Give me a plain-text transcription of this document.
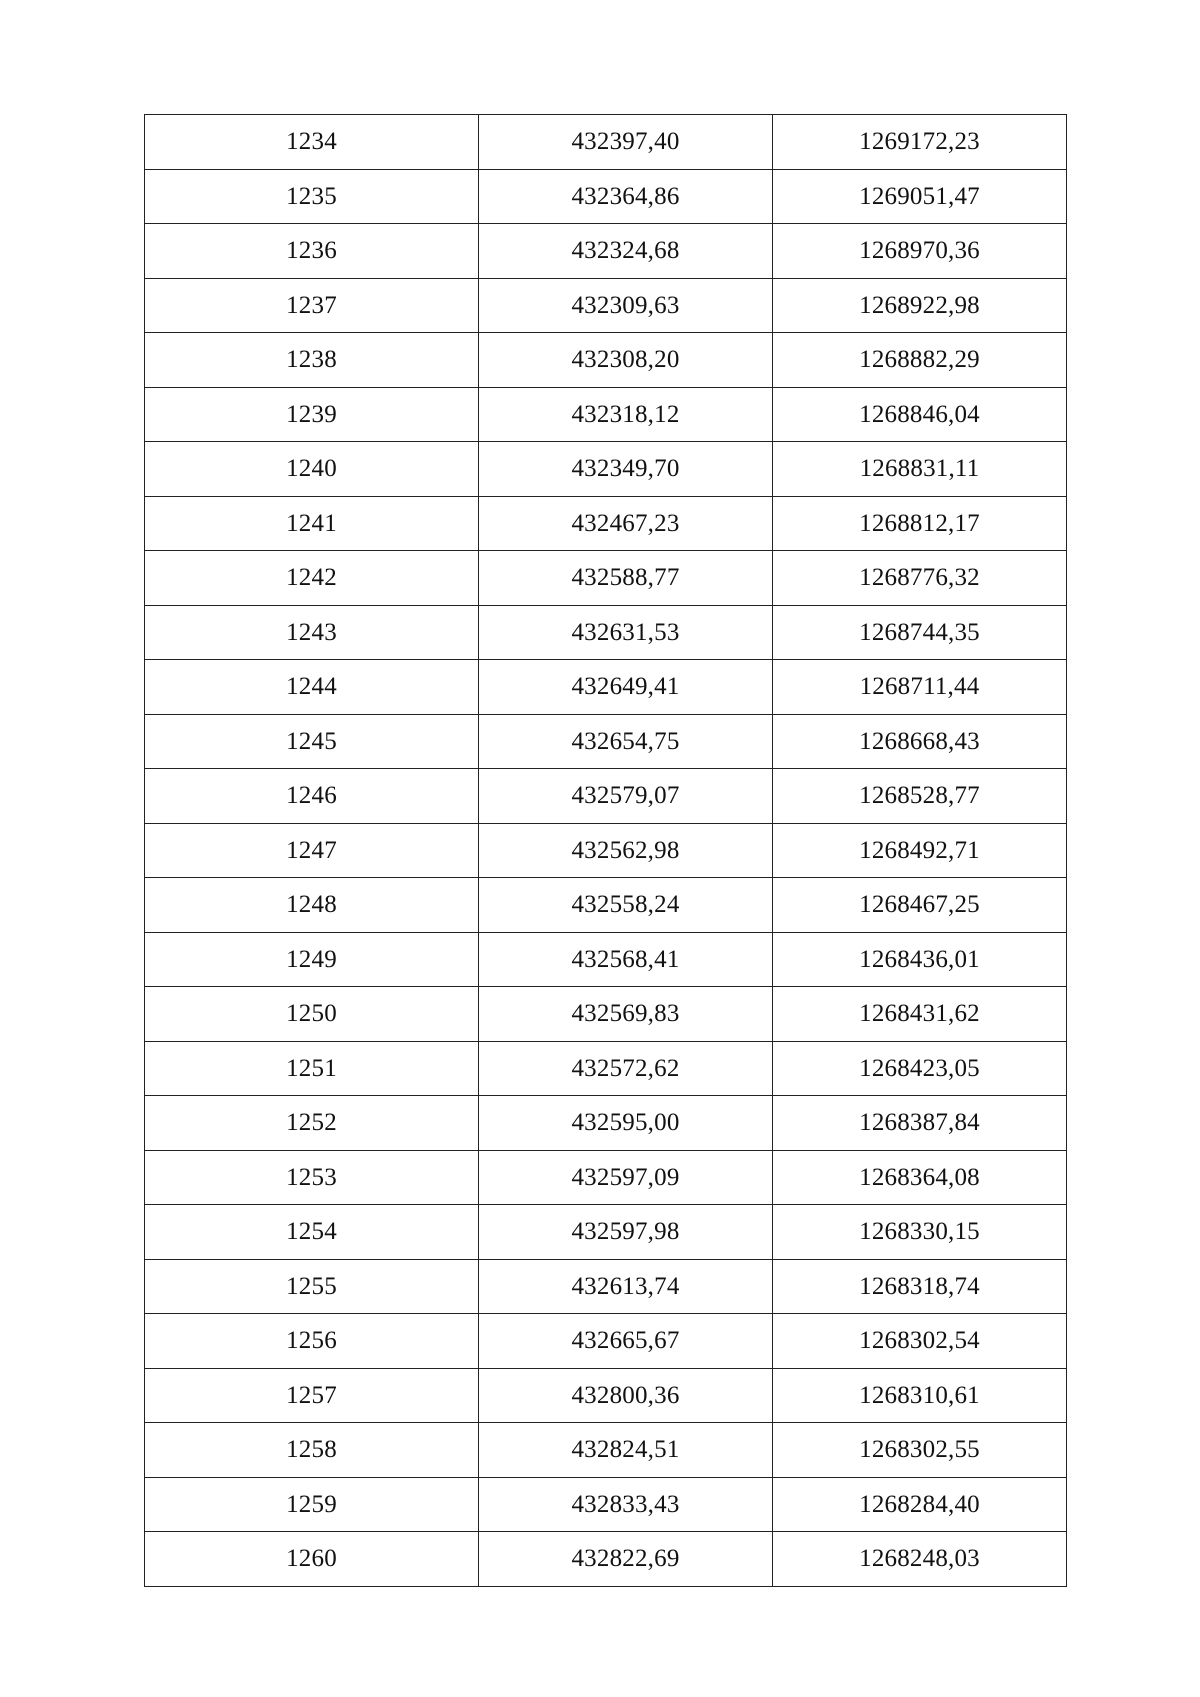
1234	432397,40	1269172,23
1235	432364,86	1269051,47
1236	432324,68	1268970,36
1237	432309,63	1268922,98
1238	432308,20	1268882,29
1239	432318,12	1268846,04
1240	432349,70	1268831,11
1241	432467,23	1268812,17
1242	432588,77	1268776,32
1243	432631,53	1268744,35
1244	432649,41	1268711,44
1245	432654,75	1268668,43
1246	432579,07	1268528,77
1247	432562,98	1268492,71
1248	432558,24	1268467,25
1249	432568,41	1268436,01
1250	432569,83	1268431,62
1251	432572,62	1268423,05
1252	432595,00	1268387,84
1253	432597,09	1268364,08
1254	432597,98	1268330,15
1255	432613,74	1268318,74
1256	432665,67	1268302,54
1257	432800,36	1268310,61
1258	432824,51	1268302,55
1259	432833,43	1268284,40
1260	432822,69	1268248,03
